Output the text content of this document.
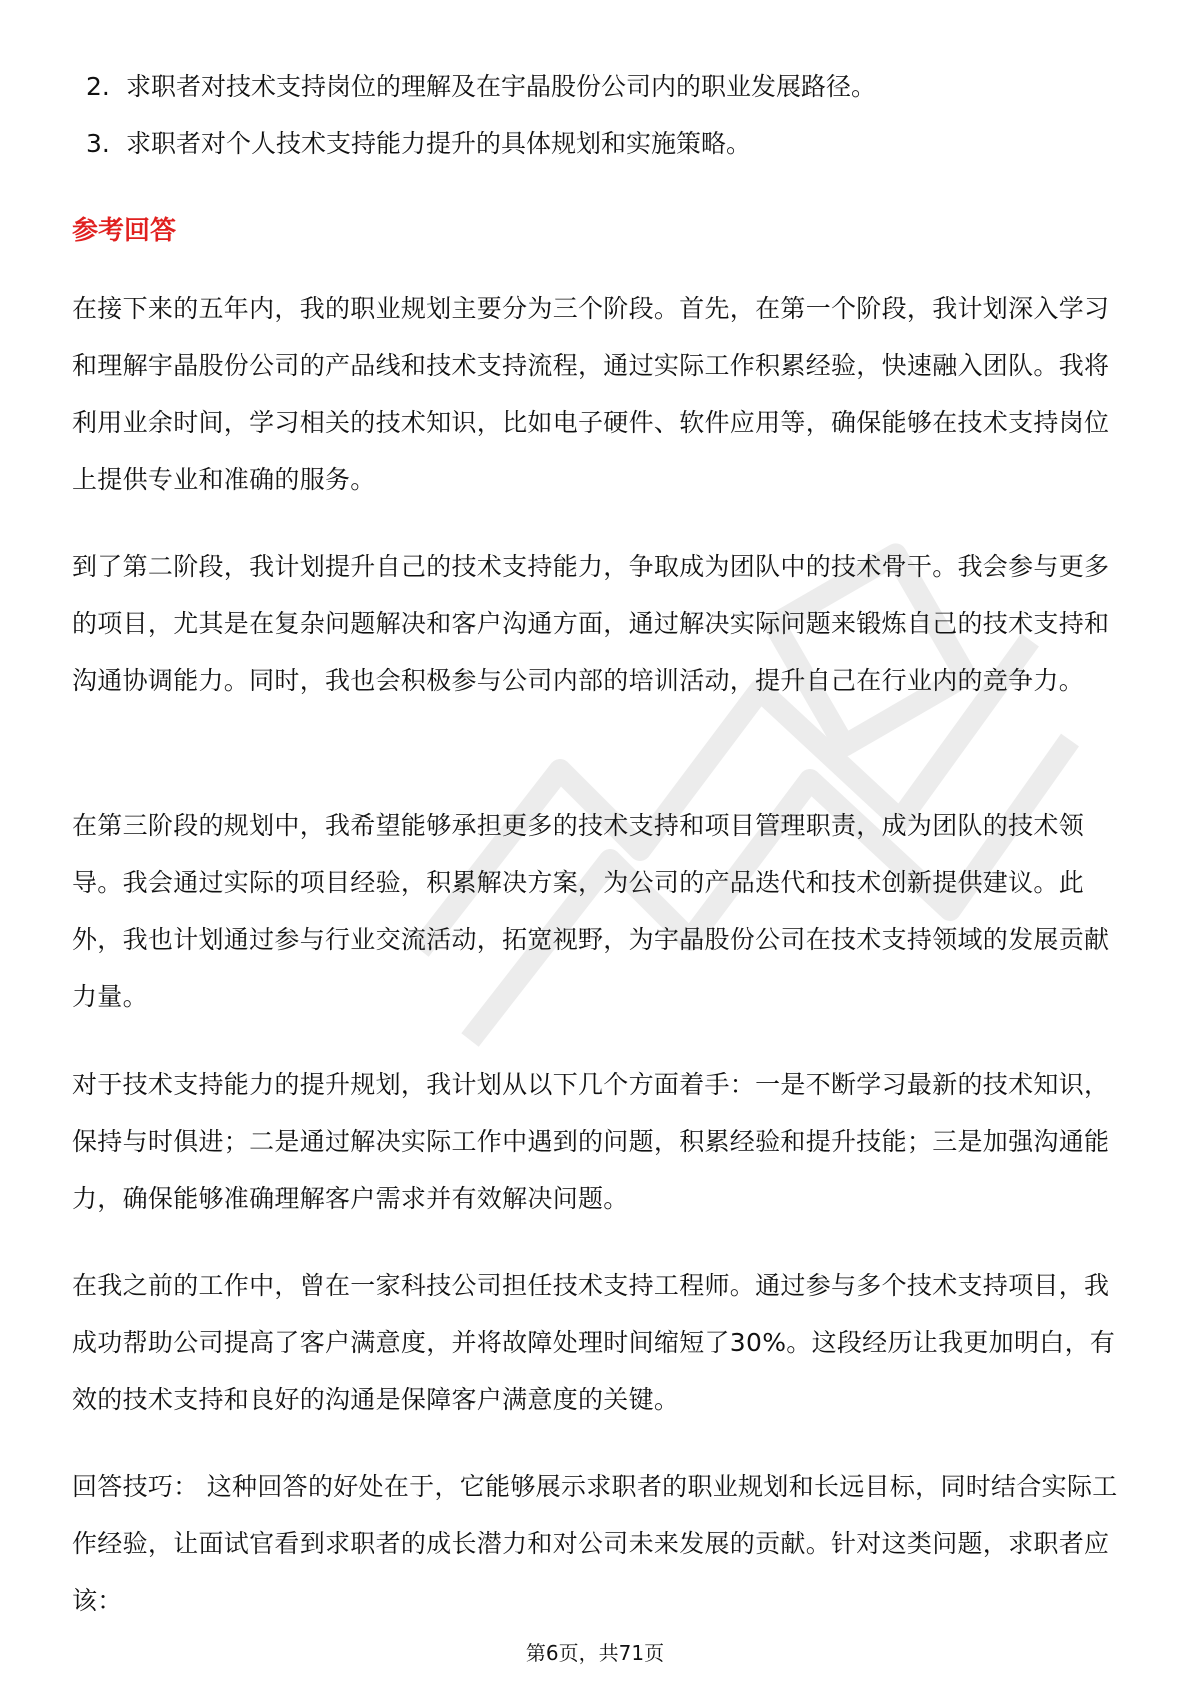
2. 求职者对技术支持岗位的理解及在宇晶股份公司内的职业发展路径。
3. 求职者对个人技术支持能力提升的具体规划和实施策略。
参考回答

在接下来的五年内，我的职业规划主要分为三个阶段。首先，在第一个阶段，我计划深入学习和理解宇晶股份公司的产品线和技术支持流程，通过实际工作积累经验，快速融入团队。我将利用业余时间，学习相关的技术知识，比如电子硬件、软件应用等，确保能够在技术支持岗位上提供专业和准确的服务。

到了第二阶段，我计划提升自己的技术支持能力，争取成为团队中的技术骨干。我会参与更多的项目，尤其是在复杂问题解决和客户沟通方面，通过解决实际问题来锻炼自己的技术支持和沟通协调能力。同时，我也会积极参与公司内部的培训活动，提升自己在行业内的竞争力。

在第三阶段的规划中，我希望能够承担更多的技术支持和项目管理职责，成为团队的技术领导。我会通过实际的项目经验，积累解决方案，为公司的产品迭代和技术创新提供建议。此外，我也计划通过参与行业交流活动，拓宽视野，为宇晶股份公司在技术支持领域的发展贡献力量。

对于技术支持能力的提升规划，我计划从以下几个方面着手：一是不断学习最新的技术知识，保持与时俱进；二是通过解决实际工作中遇到的问题，积累经验和提升技能；三是加强沟通能力，确保能够准确理解客户需求并有效解决问题。

在我之前的工作中，曾在一家科技公司担任技术支持工程师。通过参与多个技术支持项目，我成功帮助公司提高了客户满意度，并将故障处理时间缩短了30%。这段经历让我更加明白，有效的技术支持和良好的沟通是保障客户满意度的关键。

回答技巧： 这种回答的好处在于，它能够展示求职者的职业规划和长远目标，同时结合实际工作经验，让面试官看到求职者的成长潜力和对公司未来发展的贡献。针对这类问题，求职者应该：

第6页，共71页
